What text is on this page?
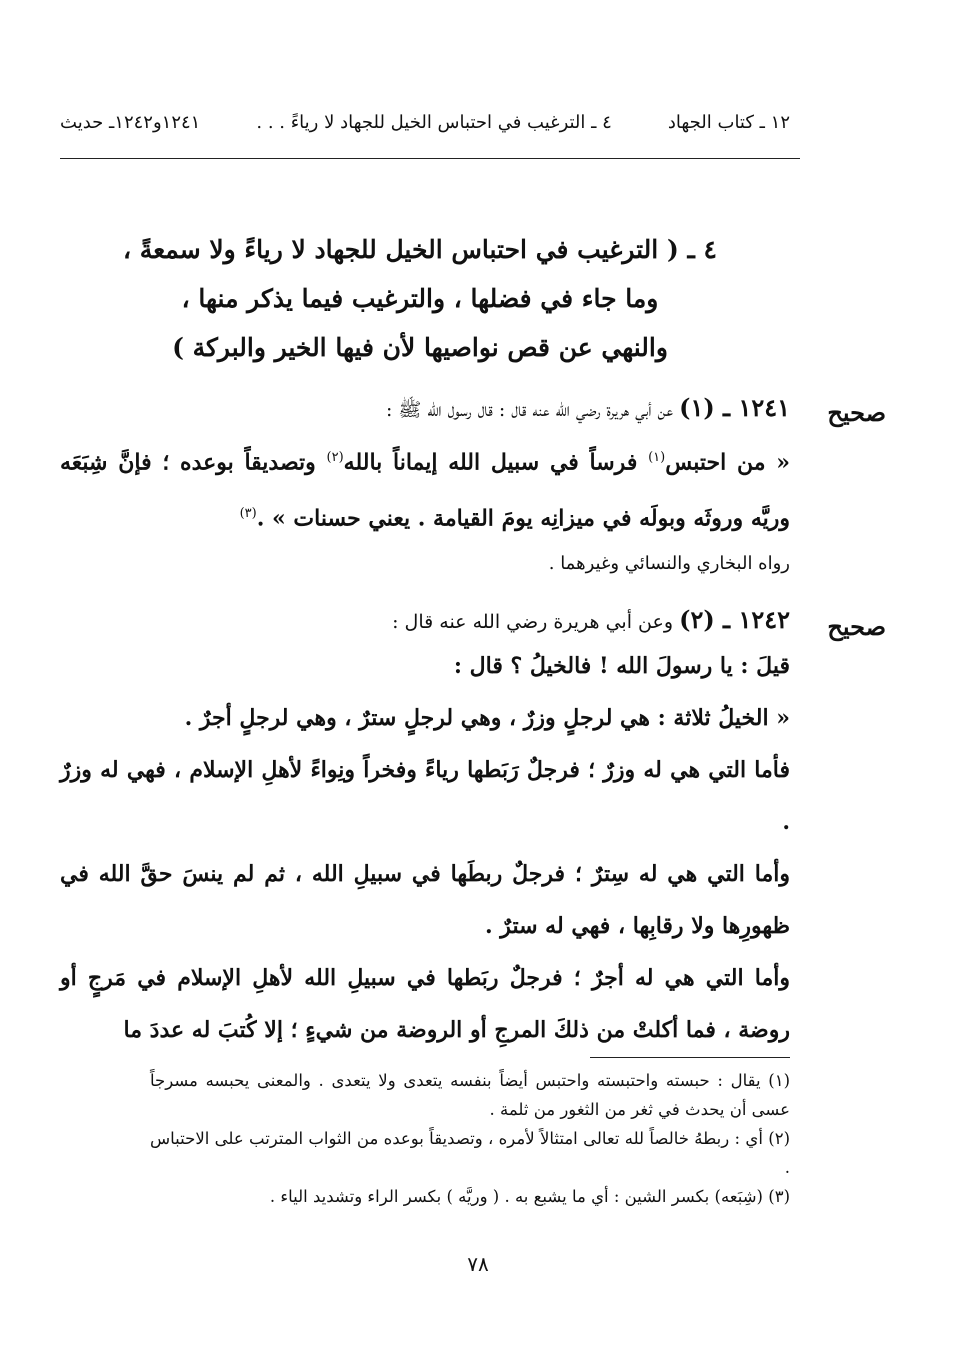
١٢ ـ كتاب الجهاد
٤ ـ الترغيب في احتباس الخيل للجهاد لا رياءً . . .
١٢٤١و١٢٤٢ـ حديث
٤ ـ ( الترغيب في احتباس الخيل للجهاد لا رياءً ولا سمعةً ،
وما جاء في فضلها ، والترغيب فيما يذكر منها ،
والنهي عن قص نواصيها لأن فيها الخير والبركة )
صحيح
١٢٤١ ـ (١) عن أبي هريرة رضي الله عنه قال : قال رسول الله ﷺ :
« من احتبس$^{(١)}$ فرساً في سبيل الله إيماناً بالله$^{(٢)}$ وتصديقاً بوعده ؛ فإنَّ شِبَعَه وريَّه وروثَه وبولَه في ميزانِه يومَ القيامة . يعني حسنات » .$^{(٣)}$
رواه البخاري والنسائي وغيرهما .
صحيح
١٢٤٢ ـ (٢) وعن أبي هريرة رضي الله عنه قال :
قيلَ : يا رسولَ الله ! فالخيلُ ؟ قال :
« الخيلُ ثلاثة : هي لرجلٍ وزرٌ ، وهي لرجلٍ سترٌ ، وهي لرجلٍ أجرٌ .
فأما التي هي له وزرٌ ؛ فرجلٌ رَبَطها رياءً وفخراً ونِواءً لأهلِ الإسلام ، فهي له وزرٌ .
وأما التي هي له سِترٌ ؛ فرجلٌ ربطَها في سبيلِ الله ، ثم لم ينسَ حقَّ الله في ظهورِها ولا رقابِها ، فهي له سترٌ .
وأما التي هي له أجرٌ ؛ فرجلٌ ربَطها في سبيلِ الله لأهلِ الإسلام في مَرجٍ أو روضة ، فما أكلتْ من ذلكَ المرجِ أو الروضة من شيءٍ ؛ إلا كُتبَ له عددَ ما

(١) يقال : حبسته واحتبسته واحتبس أيضاً بنفسه يتعدى ولا يتعدى . والمعنى يحبسه مسرجاً عسى أن يحدث في ثغر من الثغور من ثلمة .

(٢) أي : ربطهُ خالصاً لله تعالى امتثالاً لأمره ، وتصديقاً بوعده من الثواب المترتب على الاحتباس .

(٣) (شِبَعه) بكسر الشين : أي ما يشبع به . ( وريَّه ) بكسر الراء وتشديد الياء .

٧٨
